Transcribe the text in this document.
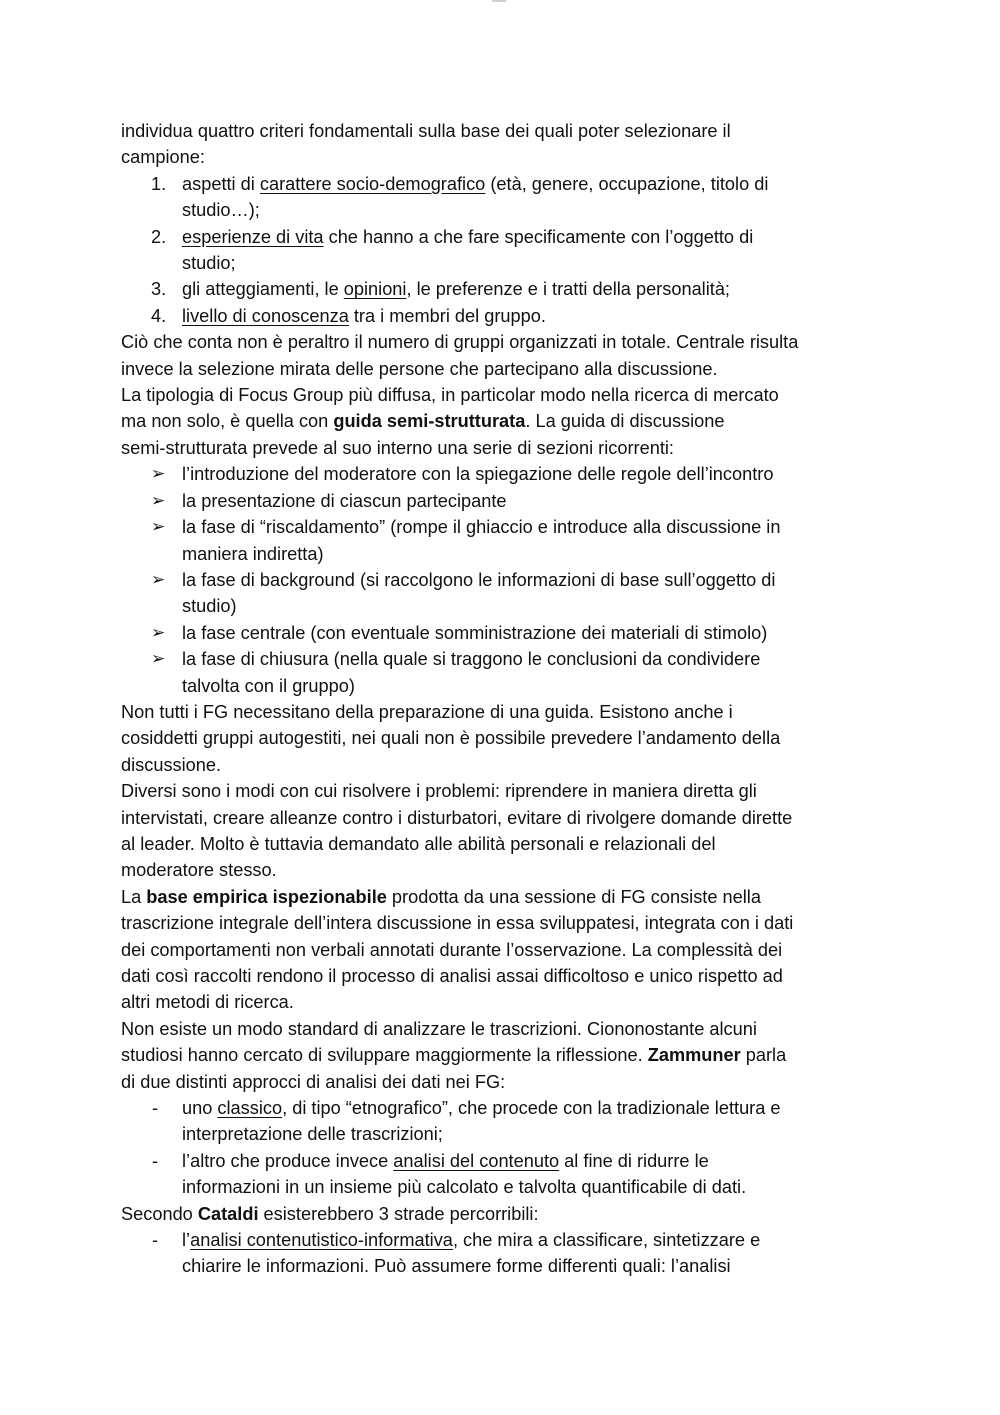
individua quattro criteri fondamentali sulla base dei quali poter selezionare il
campione:
1. aspetti di carattere socio-demografico (età, genere, occupazione, titolo di
studio…);
2. esperienze di vita che hanno a che fare specificamente con l’oggetto di
studio;
3. gli atteggiamenti, le opinioni, le preferenze e i tratti della personalità;
4. livello di conoscenza tra i membri del gruppo.
Ciò che conta non è peraltro il numero di gruppi organizzati in totale. Centrale risulta
invece la selezione mirata delle persone che partecipano alla discussione.
La tipologia di Focus Group più diffusa, in particolar modo nella ricerca di mercato
ma non solo, è quella con guida semi-strutturata. La guida di discussione
semi-strutturata prevede al suo interno una serie di sezioni ricorrenti:
➢ l’introduzione del moderatore con la spiegazione delle regole dell’incontro
➢ la presentazione di ciascun partecipante
➢ la fase di “riscaldamento” (rompe il ghiaccio e introduce alla discussione in
maniera indiretta)
➢ la fase di background (si raccolgono le informazioni di base sull’oggetto di
studio)
➢ la fase centrale (con eventuale somministrazione dei materiali di stimolo)
➢ la fase di chiusura (nella quale si traggono le conclusioni da condividere
talvolta con il gruppo)
Non tutti i FG necessitano della preparazione di una guida. Esistono anche i
cosiddetti gruppi autogestiti, nei quali non è possibile prevedere l’andamento della
discussione.
Diversi sono i modi con cui risolvere i problemi: riprendere in maniera diretta gli
intervistati, creare alleanze contro i disturbatori, evitare di rivolgere domande dirette
al leader. Molto è tuttavia demandato alle abilità personali e relazionali del
moderatore stesso.
La base empirica ispezionabile prodotta da una sessione di FG consiste nella
trascrizione integrale dell’intera discussione in essa sviluppatesi, integrata con i dati
dei comportamenti non verbali annotati durante l’osservazione. La complessità dei
dati così raccolti rendono il processo di analisi assai difficoltoso e unico rispetto ad
altri metodi di ricerca.
Non esiste un modo standard di analizzare le trascrizioni. Ciononostante alcuni
studiosi hanno cercato di sviluppare maggiormente la riflessione. Zammuner parla
di due distinti approcci di analisi dei dati nei FG:
- uno classico, di tipo “etnografico”, che procede con la tradizionale lettura e
interpretazione delle trascrizioni;
- l’altro che produce invece analisi del contenuto al fine di ridurre le
informazioni in un insieme più calcolato e talvolta quantificabile di dati.
Secondo Cataldi esisterebbero 3 strade percorribili:
- l’analisi contenutistico-informativa, che mira a classificare, sintetizzare e
chiarire le informazioni. Può assumere forme differenti quali: l’analisi
